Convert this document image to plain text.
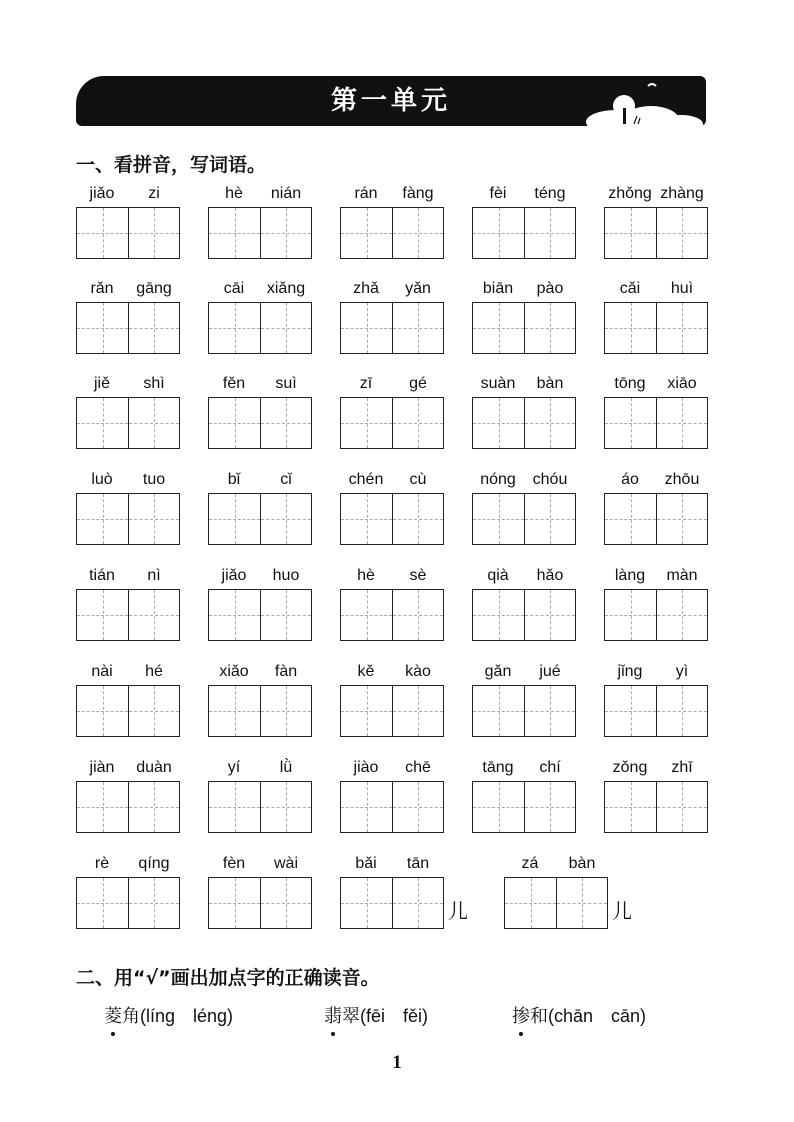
第一单元
一、看拼音，写词语。
jiǎo	zi	hè	nián	rán	fàng	fèi	téng	zhǒng zhàng
rǎn	gāng	cāi	xiǎng	zhǎ	yǎn	biān	pào	cǎi	huì
jiě	shì	fěn	suì	zī	gé	suàn	bàn	tōng	xiāo
luò	tuo	bǐ	cǐ	chén	cù	nóng	chóu	áo	zhōu
tián	nì	jiǎo	huo	hè	sè	qià	hǎo	làng	màn
nài	hé	xiǎo	fàn	kě	kào	gǎn	jué	jǐng	yì
jiàn	duàn	yí	lǜ	jiào	chē	tāng	chí	zǒng	zhī
rè	qíng	fèn	wài	bǎi	tān
儿
zá	bàn
儿
二、用“√”画出加点字的正确读音。
菱角(líng　léng)	翡翠(fēi　fěi)	掺和(chān　cān)
1
